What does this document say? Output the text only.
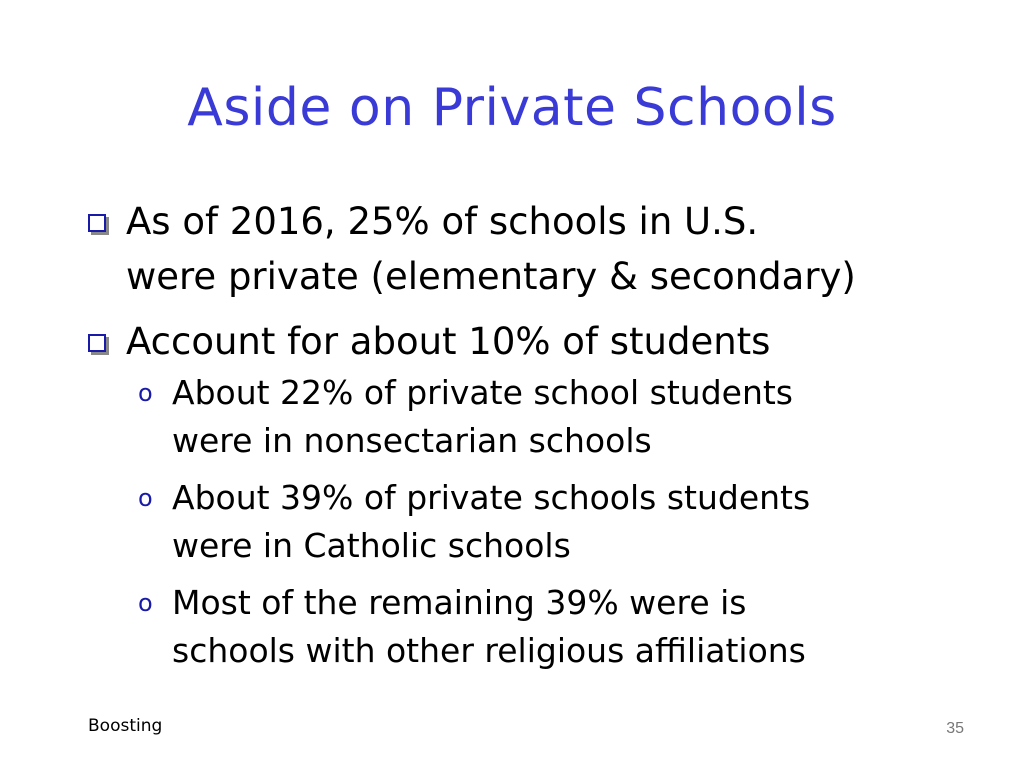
Aside on Private Schools
As of 2016, 25% of schools in U.S.
were private (elementary & secondary)
Account for about 10% of students
o About 22% of private school students
were in nonsectarian schools
o About 39% of private schools students
were in Catholic schools
o Most of the remaining 39% were is
schools with other religious affiliations
Boosting	35
